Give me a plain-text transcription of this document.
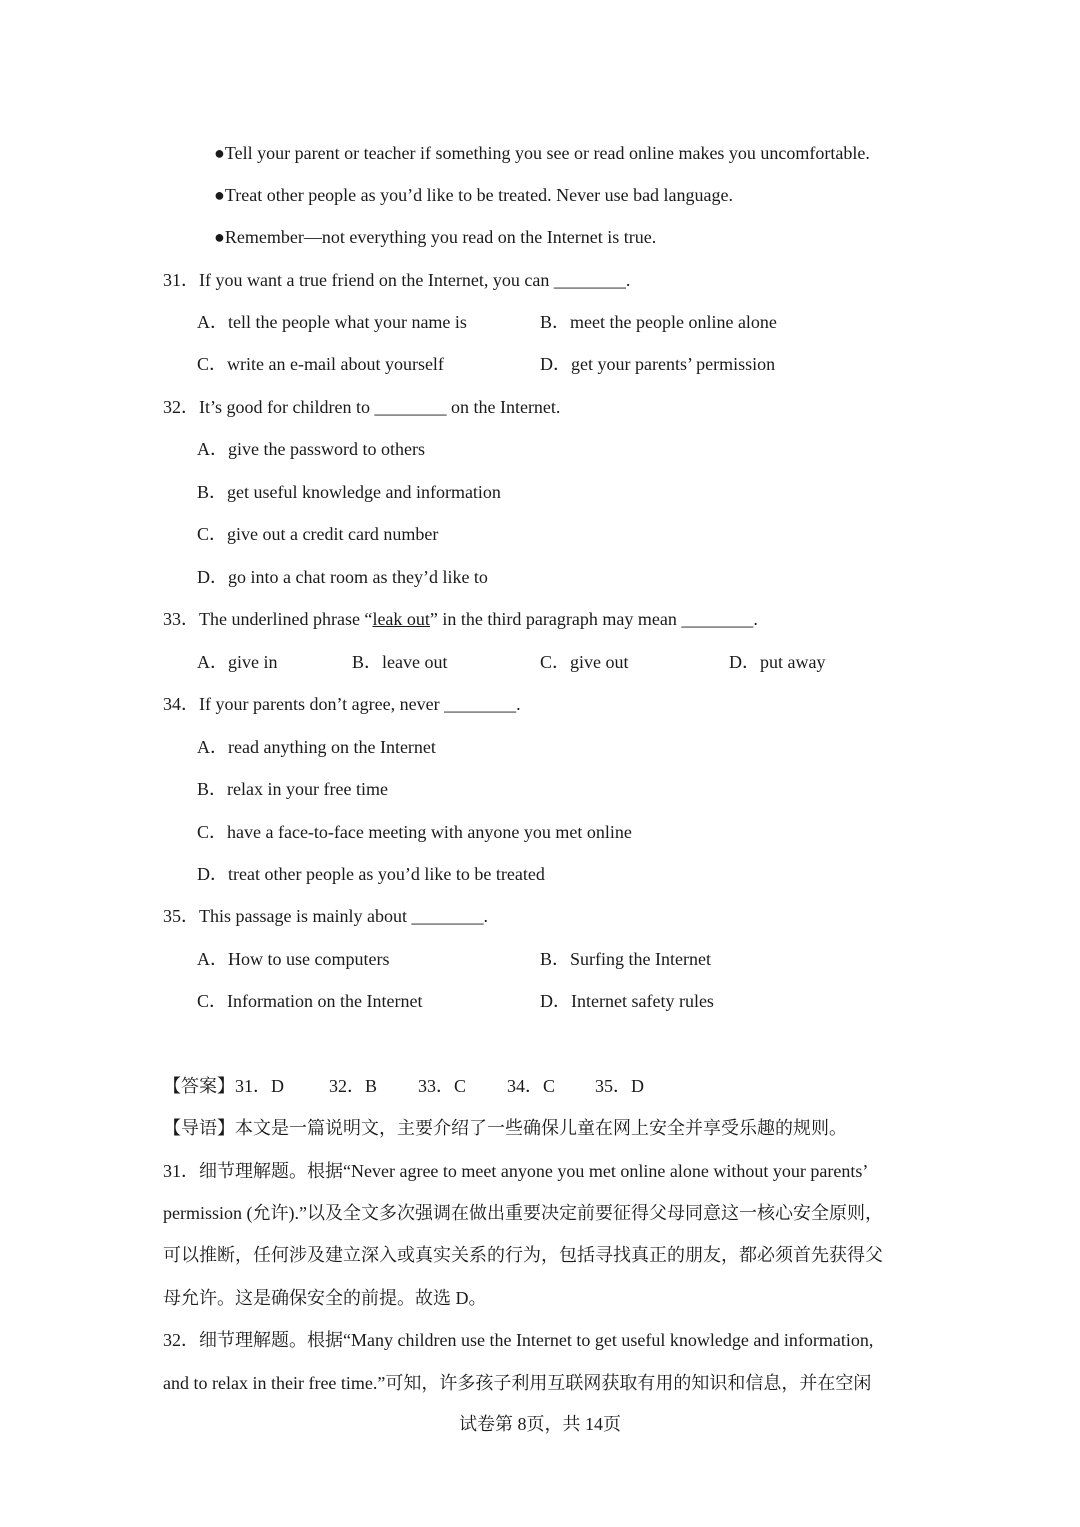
●Tell your parent or teacher if something you see or read online makes you uncomfortable.
●Treat other people as you’d like to be treated. Never use bad language.
●Remember—not everything you read on the Internet is true.
31．If you want a true friend on the Internet, you can ________.
A．tell the people what your name is	B．meet the people online alone
C．write an e-mail about yourself	D．get your parents’ permission
32．It’s good for children to ________ on the Internet.
A．give the password to others
B．get useful knowledge and information
C．give out a credit card number
D．go into a chat room as they’d like to
33．The underlined phrase “leak out” in the third paragraph may mean ________.
A．give in	B．leave out	C．give out	D．put away
34．If your parents don’t agree, never ________.
A．read anything on the Internet
B．relax in your free time
C．have a face-to-face meeting with anyone you met online
D．treat other people as you’d like to be treated
35．This passage is mainly about ________.
A．How to use computers	B．Surfing the Internet
C．Information on the Internet	D．Internet safety rules
【答案】31．D	32．B 33．C 34．C 35．D
【导语】本文是一篇说明文，主要介绍了一些确保儿童在网上安全并享受乐趣的规则。
31．细节理解题。根据“Never agree to meet anyone you met online alone without your parents’
permission (允许).”以及全文多次强调在做出重要决定前要征得父母同意这一核心安全原则，
可以推断，任何涉及建立深入或真实关系的行为，包括寻找真正的朋友，都必须首先获得父
母允许。这是确保安全的前提。故选 D。
32．细节理解题。根据“Many children use the Internet to get useful knowledge and information,
and to relax in their free time.”可知，许多孩子利用互联网获取有用的知识和信息，并在空闲
试卷第 8页，共 14页
